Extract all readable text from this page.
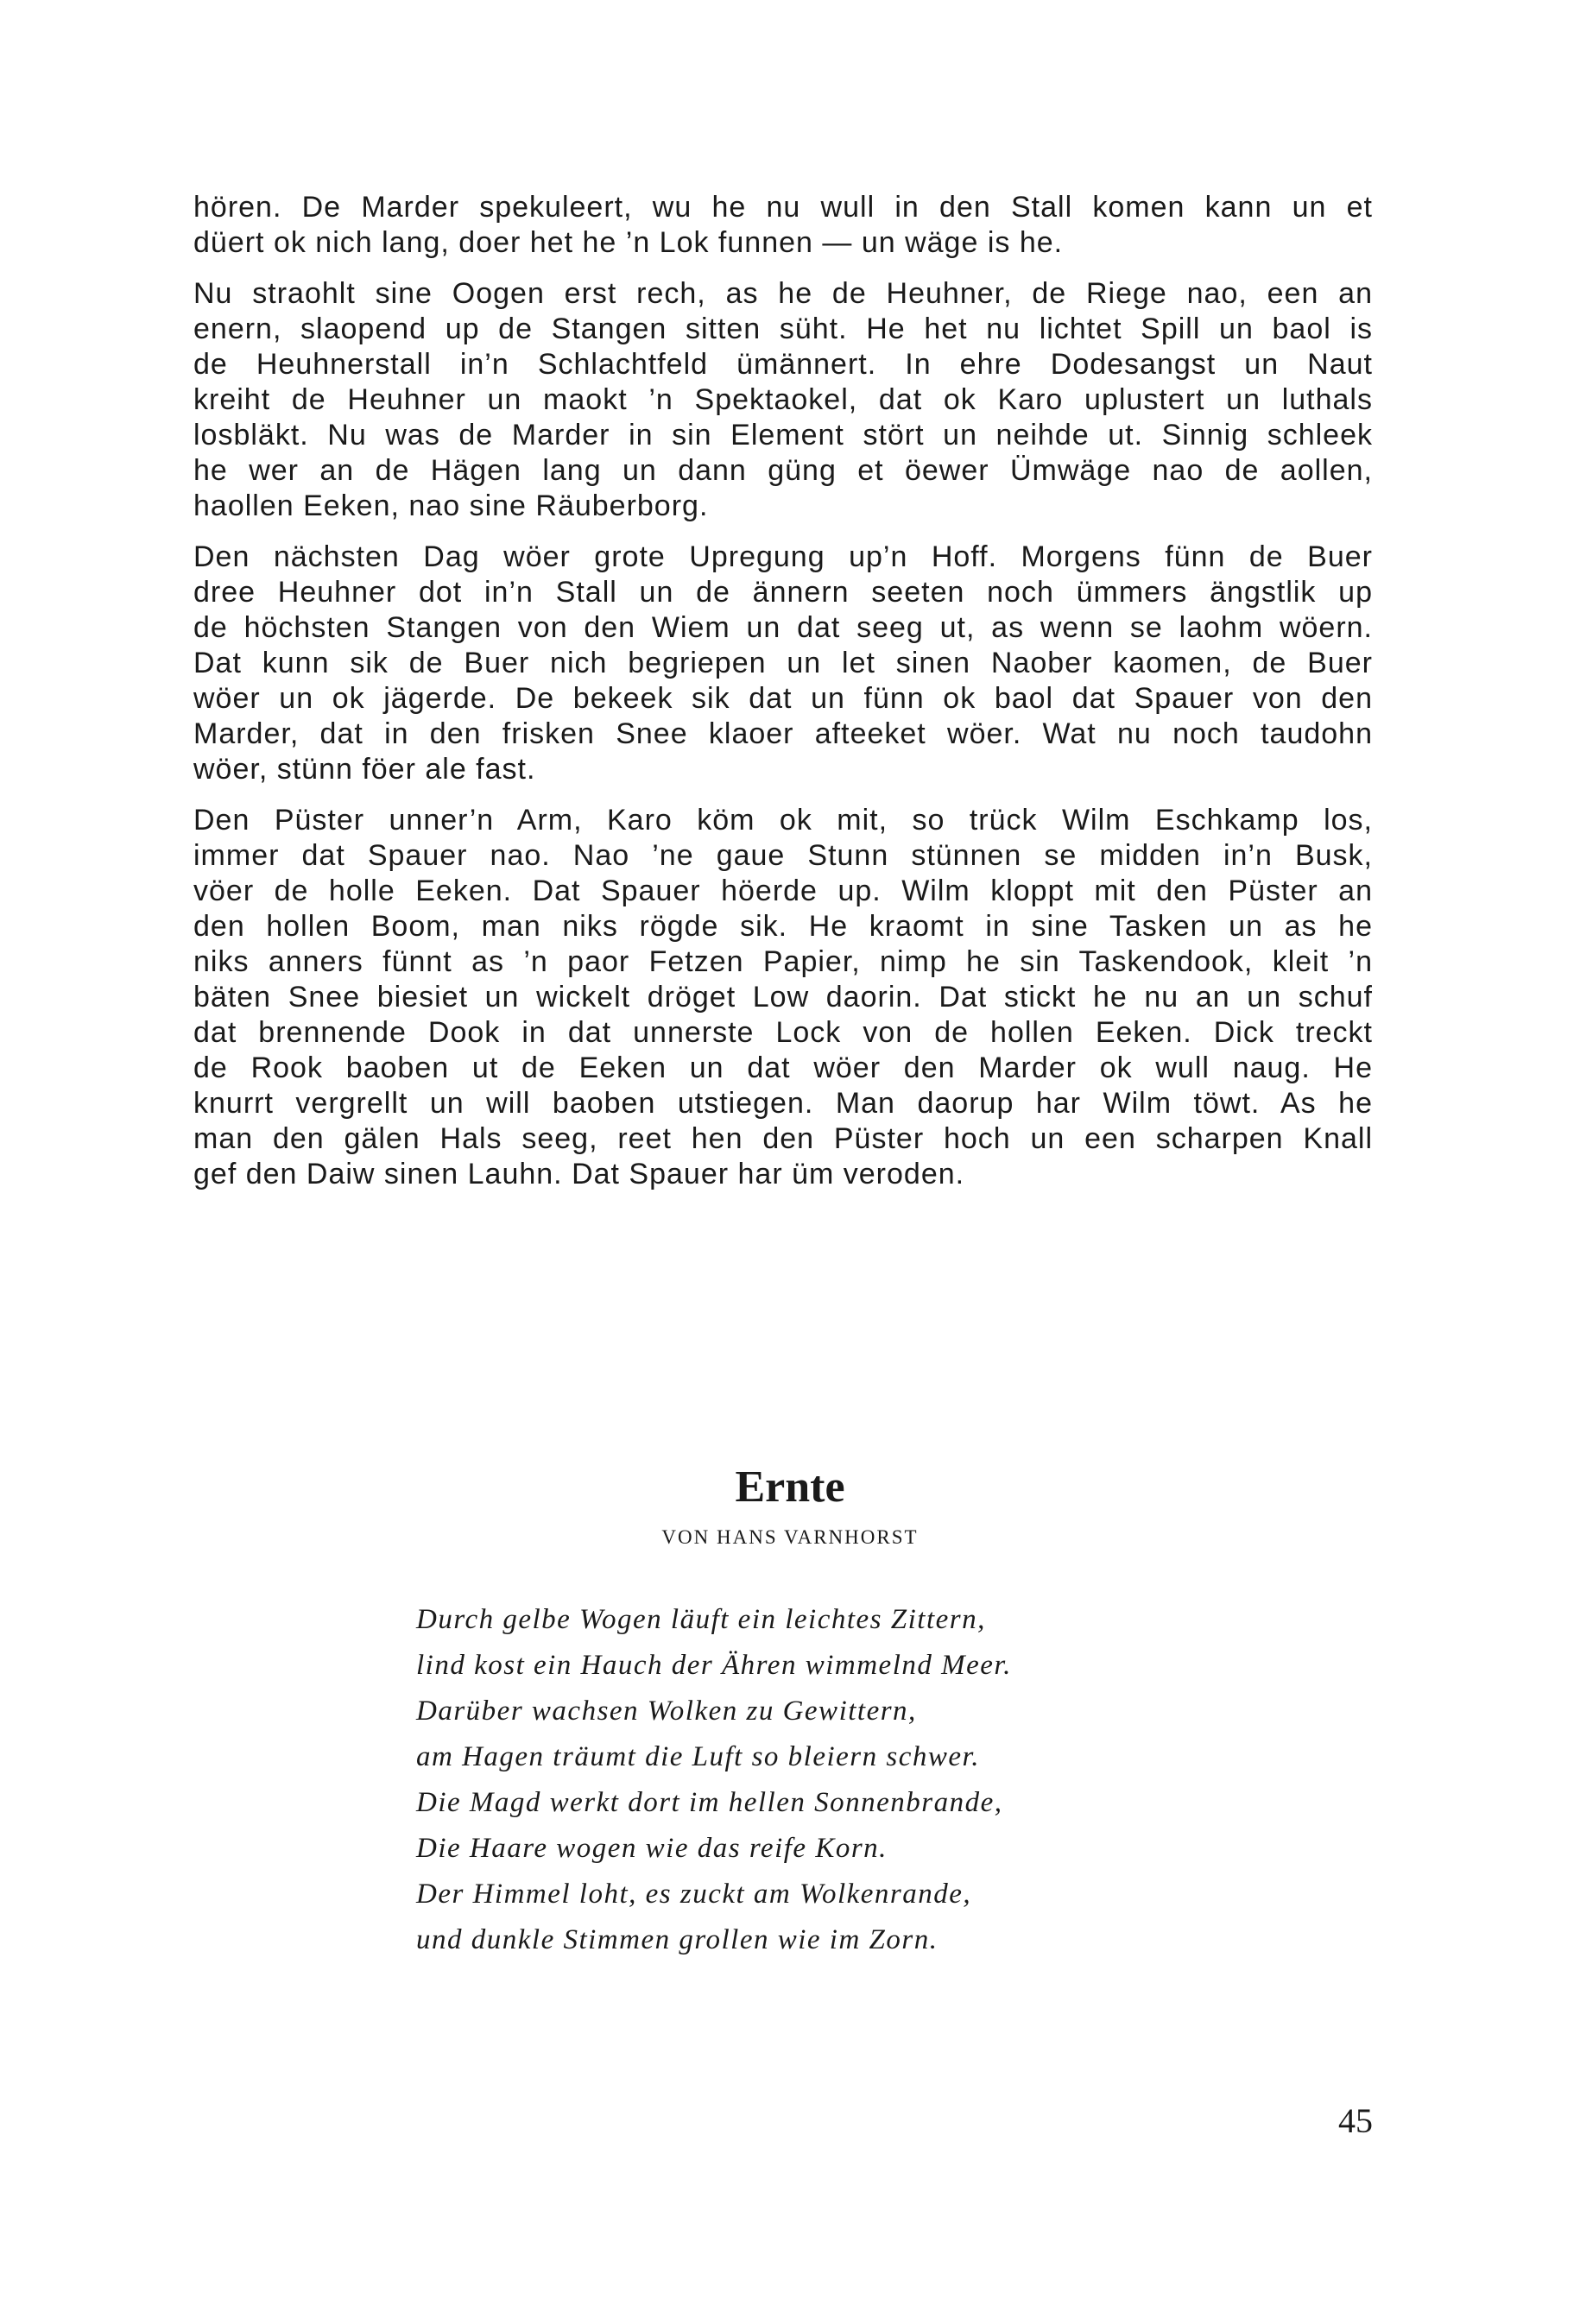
hören. De Marder spekuleert, wu he nu wull in den Stall komen kann un et
düert ok nich lang, doer het he ’n Lok funnen — un wäge is he.

Nu straohlt sine Oogen erst rech, as he de Heuhner, de Riege nao, een an
enern, slaopend up de Stangen sitten süht. He het nu lichtet Spill un baol is
de Heuhnerstall in’n Schlachtfeld ümännert. In ehre Dodesangst un Naut
kreiht de Heuhner un maokt ’n Spektaokel, dat ok Karo uplustert un luthals
losbläkt. Nu was de Marder in sin Element stört un neihde ut. Sinnig schleek
he wer an de Hägen lang un dann güng et öewer Ümwäge nao de aollen,
haollen Eeken, nao sine Räuberborg.

Den nächsten Dag wöer grote Upregung up’n Hoff. Morgens fünn de Buer
dree Heuhner dot in’n Stall un de ännern seeten noch ümmers ängstlik up
de höchsten Stangen von den Wiem un dat seeg ut, as wenn se laohm wöern.
Dat kunn sik de Buer nich begriepen un let sinen Naober kaomen, de Buer
wöer un ok jägerde. De bekeek sik dat un fünn ok baol dat Spauer von den
Marder, dat in den frisken Snee klaoer afteeket wöer. Wat nu noch taudohn
wöer, stünn föer ale fast.

Den Püster unner’n Arm, Karo köm ok mit, so trück Wilm Eschkamp los,
immer dat Spauer nao. Nao ’ne gaue Stunn stünnen se midden in’n Busk,
vöer de holle Eeken. Dat Spauer höerde up. Wilm kloppt mit den Püster an
den hollen Boom, man niks rögde sik. He kraomt in sine Tasken un as he
niks anners fünnt as ’n paor Fetzen Papier, nimp he sin Taskendook, kleit ’n
bäten Snee biesiet un wickelt dröget Low daorin. Dat stickt he nu an un schuf
dat brennende Dook in dat unnerste Lock von de hollen Eeken. Dick treckt
de Rook baoben ut de Eeken un dat wöer den Marder ok wull naug. He
knurrt vergrellt un will baoben utstiegen. Man daorup har Wilm töwt. As he
man den gälen Hals seeg, reet hen den Püster hoch un een scharpen Knall
gef den Daiw sinen Lauhn. Dat Spauer har üm veroden.

Ernte
VON HANS VARNHORST
Durch gelbe Wogen läuft ein leichtes Zittern,
lind kost ein Hauch der Ähren wimmelnd Meer.
Darüber wachsen Wolken zu Gewittern,
am Hagen träumt die Luft so bleiern schwer.
Die Magd werkt dort im hellen Sonnenbrande,
Die Haare wogen wie das reife Korn.
Der Himmel loht, es zuckt am Wolkenrande,
und dunkle Stimmen grollen wie im Zorn.
45
